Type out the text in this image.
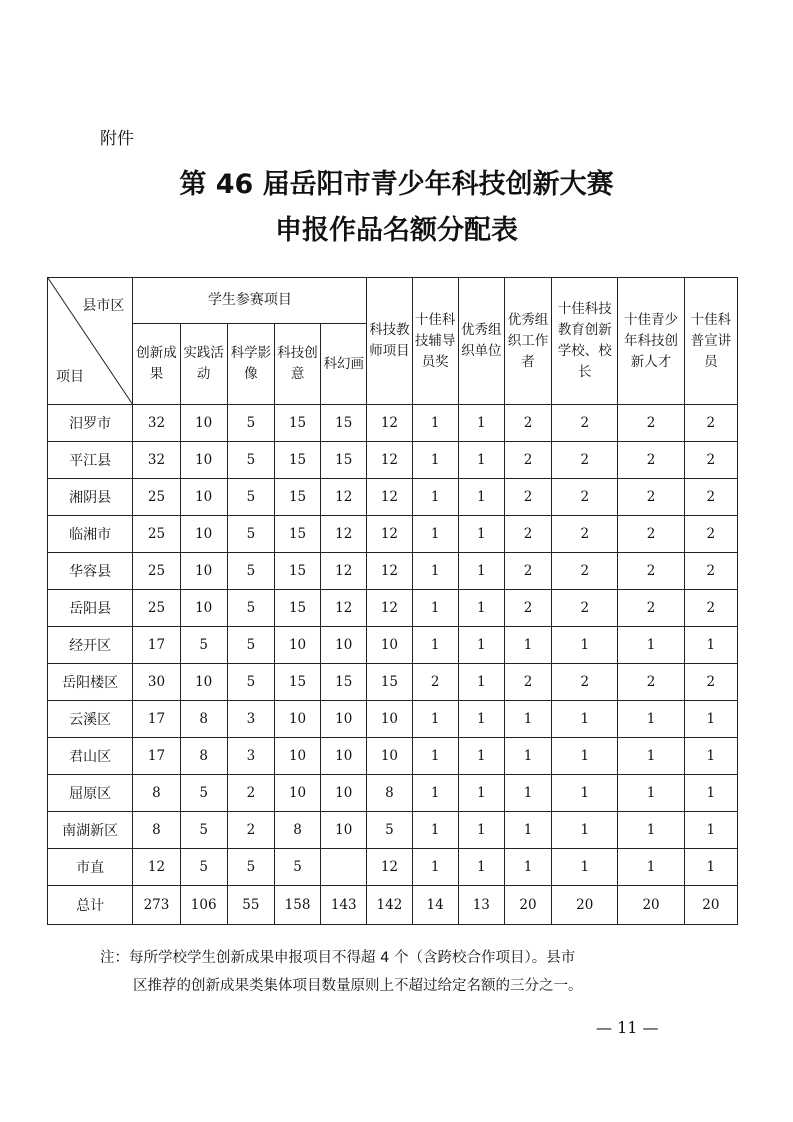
附件
第 46 届岳阳市青少年科技创新大赛
申报作品名额分配表
县市区
项目	学生参赛项目					科技教师项目	十佳科技辅导员奖	优秀组织单位	优秀组织工作者	十佳科技教育创新学校、校长	十佳青少年科技创新人才	十佳科普宣讲员
	创新成果	实践活动	科学影像	科技创意	科幻画							
汨罗市	32	10	5	15	15	12	1	1	2	2	2	2
平江县	32	10	5	15	15	12	1	1	2	2	2	2
湘阴县	25	10	5	15	12	12	1	1	2	2	2	2
临湘市	25	10	5	15	12	12	1	1	2	2	2	2
华容县	25	10	5	15	12	12	1	1	2	2	2	2
岳阳县	25	10	5	15	12	12	1	1	2	2	2	2
经开区	17	5	5	10	10	10	1	1	1	1	1	1
岳阳楼区	30	10	5	15	15	15	2	1	2	2	2	2
云溪区	17	8	3	10	10	10	1	1	1	1	1	1
君山区	17	8	3	10	10	10	1	1	1	1	1	1
屈原区	8	5	2	10	10	8	1	1	1	1	1	1
南湖新区	8	5	2	8	10	5	1	1	1	1	1	1
市直	12	5	5	5		12	1	1	1	1	1	1
总计	273	106	55	158	143	142	14	13	20	20	20	20
注：每所学校学生创新成果申报项目不得超 4 个（含跨校合作项目）。县市
区推荐的创新成果类集体项目数量原则上不超过给定名额的三分之一。
— 11 —
